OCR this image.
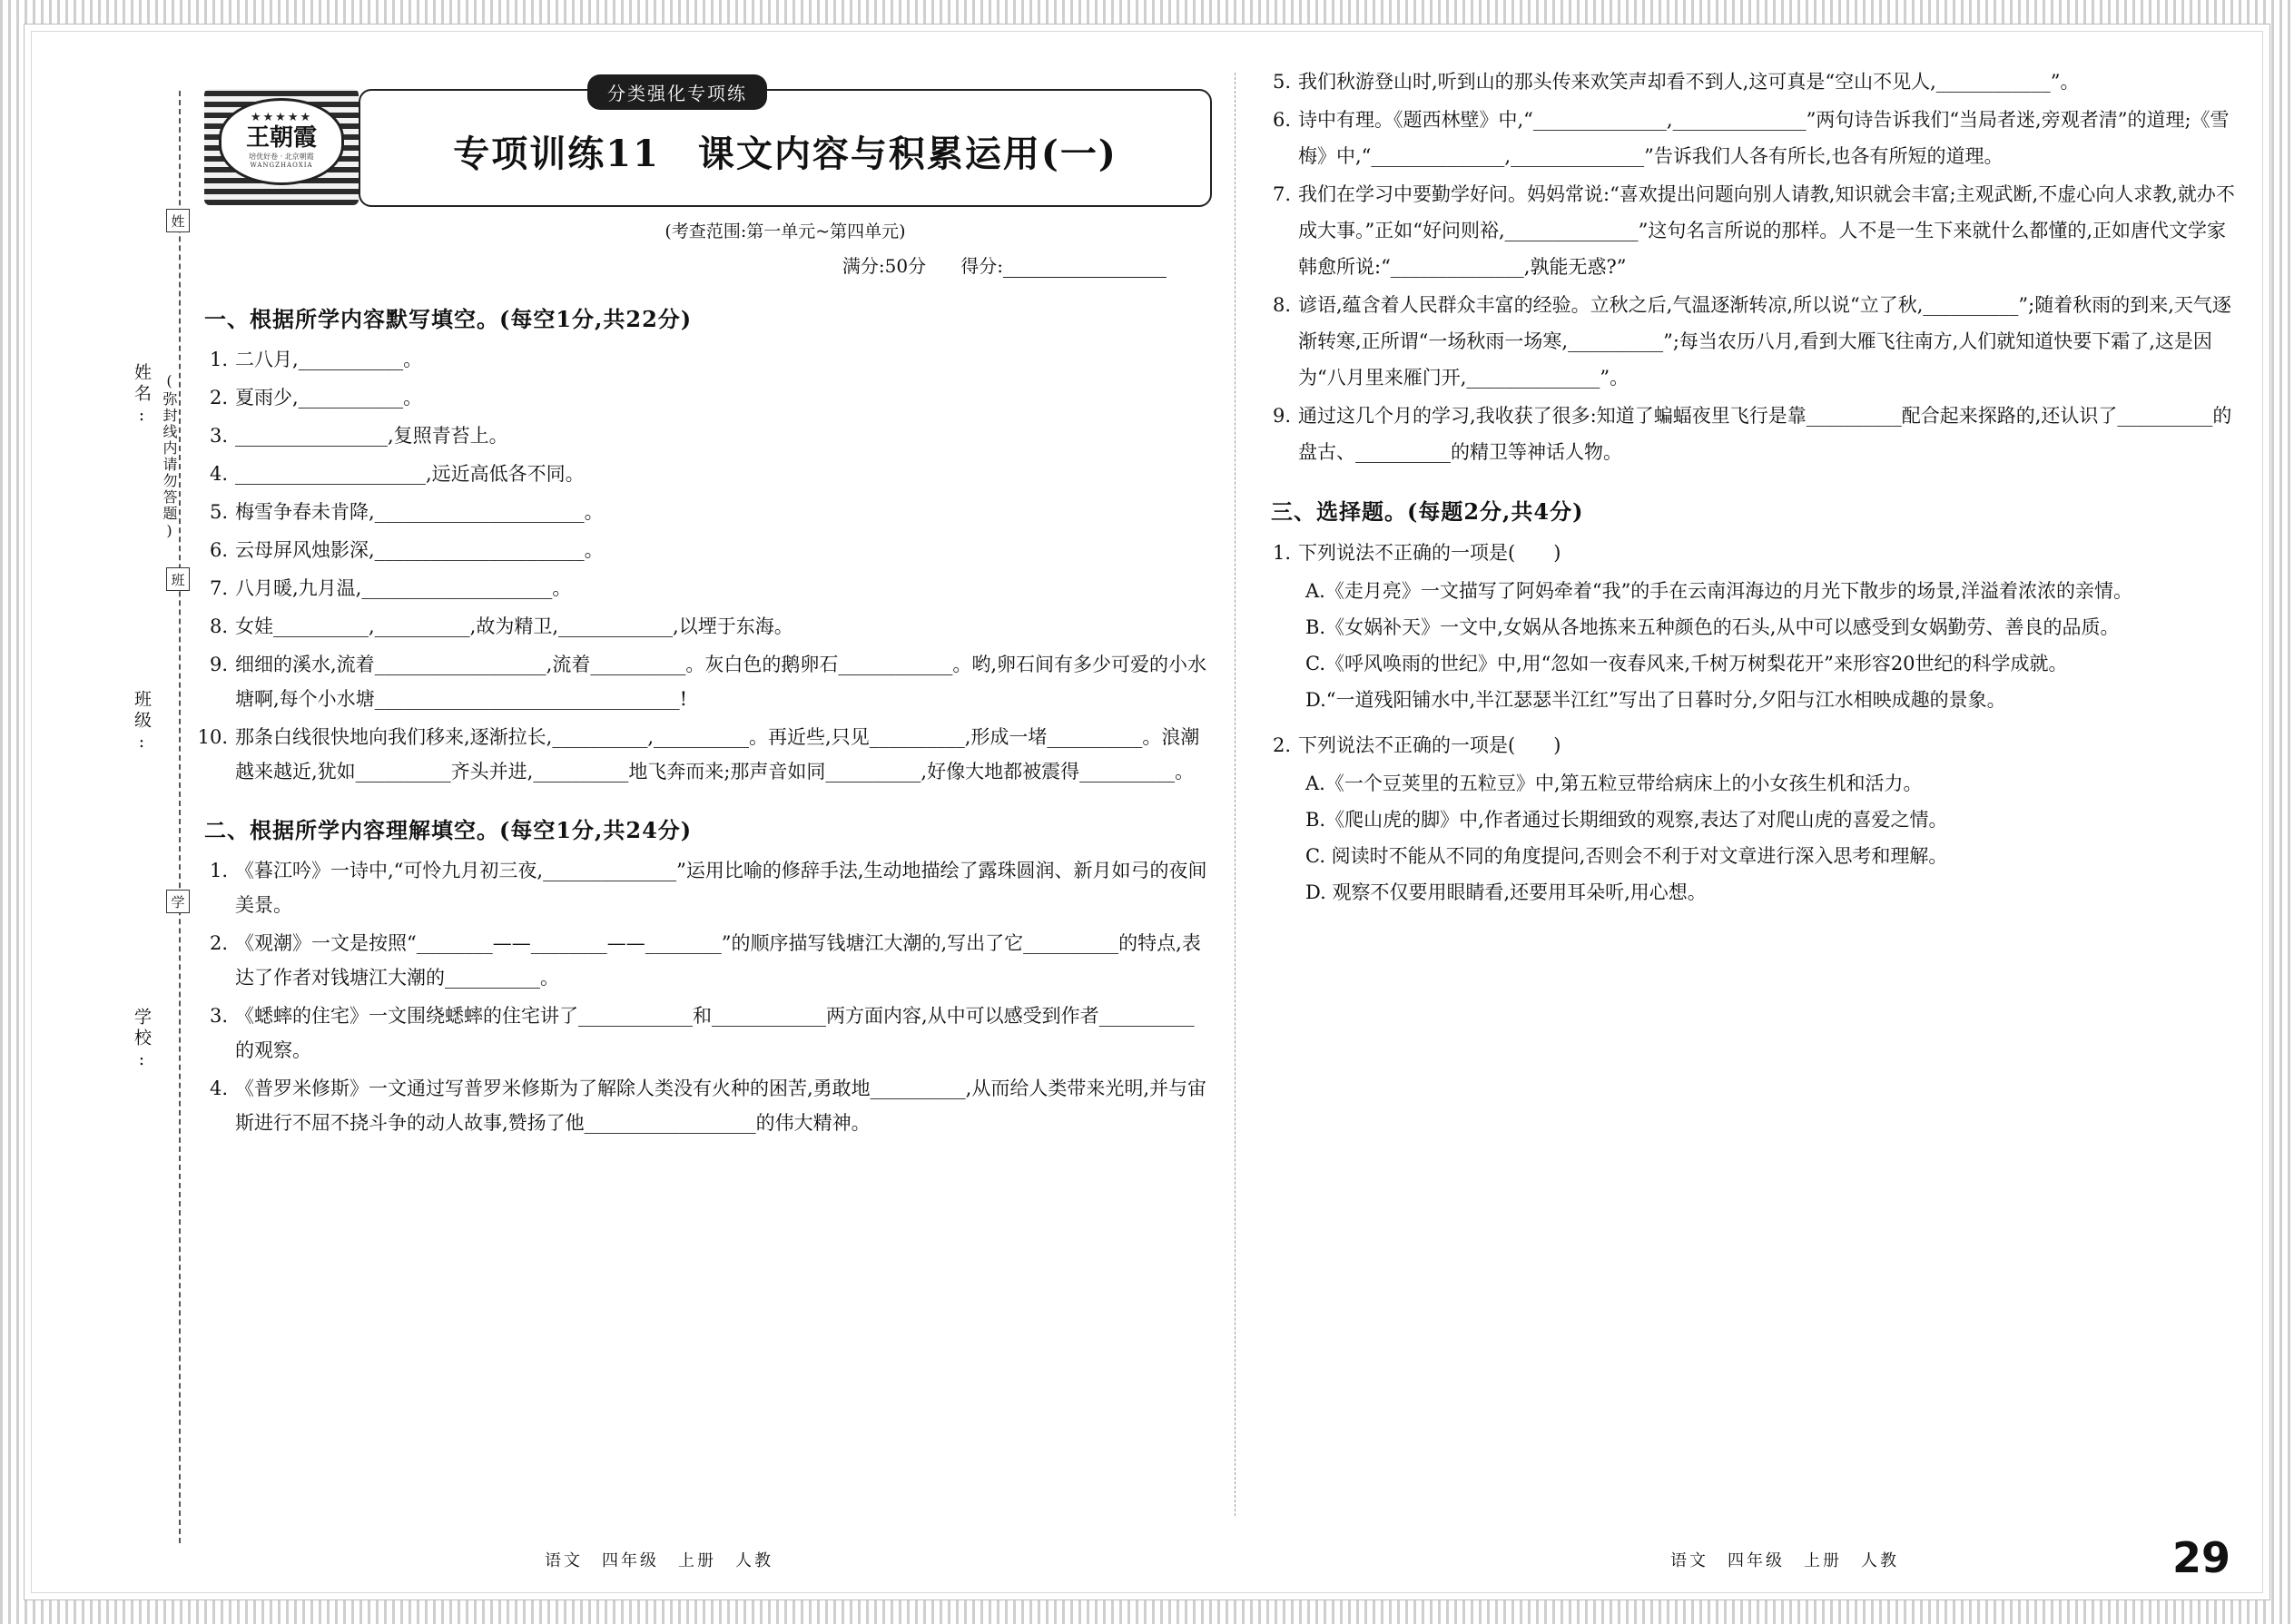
姓
姓名: (弥封线内请勿答题)
班
班级:
学
学校:
分类强化专项练
专项训练11　课文内容与积累运用(一)
★★★★★
王朝霞
培优好卷 · 北京朝霞
WANGZHAOXIA
(考查范围:第一单元~第四单元)
满分:50分 得分:
一、根据所学内容默写填空。(每空1分,共22分)
1. 二八月,___________。
2. 夏雨少,___________。
3. ________________,复照青苔上。
4. ____________________,远近高低各不同。
5. 梅雪争春未肯降,______________________。
6. 云母屏风烛影深,______________________。
7. 八月暖,九月温,____________________。
8. 女娃__________,__________,故为精卫,____________,以堙于东海。
9. 细细的溪水,流着__________________,流着__________。灰白色的鹅卵石____________。哟,卵石间有多少可爱的小水塘啊,每个小水塘________________________________!
10. 那条白线很快地向我们移来,逐渐拉长,__________,__________。再近些,只见__________,形成一堵__________。浪潮越来越近,犹如__________齐头并进,__________地飞奔而来;那声音如同__________,好像大地都被震得__________。
二、根据所学内容理解填空。(每空1分,共24分)
1. 《暮江吟》一诗中,“可怜九月初三夜,______________”运用比喻的修辞手法,生动地描绘了露珠圆润、新月如弓的夜间美景。
2. 《观潮》一文是按照“________——________——________”的顺序描写钱塘江大潮的,写出了它__________的特点,表达了作者对钱塘江大潮的__________。
3. 《蟋蟀的住宅》一文围绕蟋蟀的住宅讲了____________和____________两方面内容,从中可以感受到作者__________的观察。
4. 《普罗米修斯》一文通过写普罗米修斯为了解除人类没有火种的困苦,勇敢地__________,从而给人类带来光明,并与宙斯进行不屈不挠斗争的动人故事,赞扬了他__________________的伟大精神。
5. 我们秋游登山时,听到山的那头传来欢笑声却看不到人,这可真是“空山不见人,____________”。
6. 诗中有理。《题西林壁》中,“______________,______________”两句诗告诉我们“当局者迷,旁观者清”的道理;《雪梅》中,“______________,______________”告诉我们人各有所长,也各有所短的道理。
7. 我们在学习中要勤学好问。妈妈常说:“喜欢提出问题向别人请教,知识就会丰富;主观武断,不虚心向人求教,就办不成大事。”正如“好问则裕,______________”这句名言所说的那样。人不是一生下来就什么都懂的,正如唐代文学家韩愈所说:“______________,孰能无惑?”
8. 谚语,蕴含着人民群众丰富的经验。立秋之后,气温逐渐转凉,所以说“立了秋,__________”;随着秋雨的到来,天气逐渐转寒,正所谓“一场秋雨一场寒,__________”;每当农历八月,看到大雁飞往南方,人们就知道快要下霜了,这是因为“八月里来雁门开,______________”。
9. 通过这几个月的学习,我收获了很多:知道了蝙蝠夜里飞行是靠__________配合起来探路的,还认识了__________的盘古、__________的精卫等神话人物。
三、选择题。(每题2分,共4分)
1. 下列说法不正确的一项是(　　)
A.《走月亮》一文描写了阿妈牵着“我”的手在云南洱海边的月光下散步的场景,洋溢着浓浓的亲情。
B.《女娲补天》一文中,女娲从各地拣来五种颜色的石头,从中可以感受到女娲勤劳、善良的品质。
C.《呼风唤雨的世纪》中,用“忽如一夜春风来,千树万树梨花开”来形容20世纪的科学成就。
D.“一道残阳铺水中,半江瑟瑟半江红”写出了日暮时分,夕阳与江水相映成趣的景象。
2. 下列说法不正确的一项是(　　)
A.《一个豆荚里的五粒豆》中,第五粒豆带给病床上的小女孩生机和活力。
B.《爬山虎的脚》中,作者通过长期细致的观察,表达了对爬山虎的喜爱之情。
C. 阅读时不能从不同的角度提问,否则会不利于对文章进行深入思考和理解。
D. 观察不仅要用眼睛看,还要用耳朵听,用心想。
语文　四年级　上册　人教	语文　四年级　上册　人教	29
